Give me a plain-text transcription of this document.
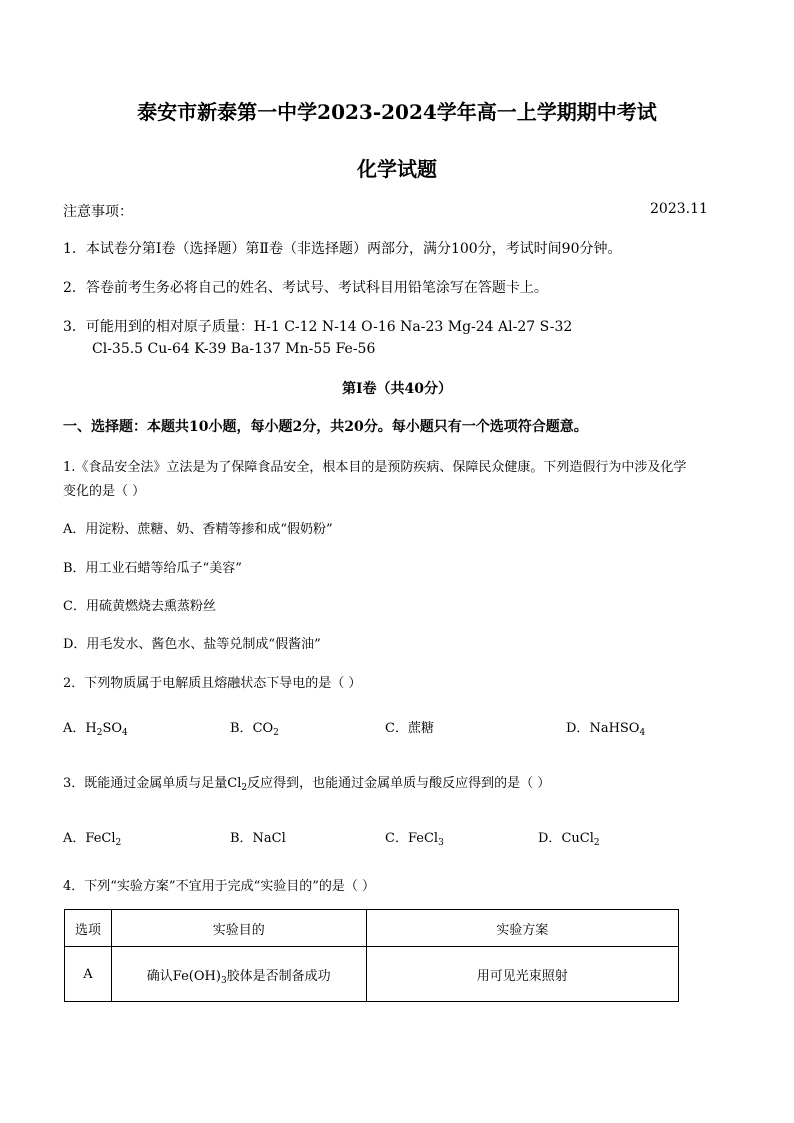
泰安市新泰第一中学2023-2024学年高一上学期期中考试
化学试题
注意事项：	2023.11
1．本试卷分第Ⅰ卷（选择题）第Ⅱ卷（非选择题）两部分，满分100分，考试时间90分钟。
2．答卷前考生务必将自己的姓名、考试号、考试科目用铅笔涂写在答题卡上。
3．可能用到的相对原子质量：H-1 C-12 N-14 O-16 Na-23 Mg-24 Al-27 S-32
Cl-35.5 Cu-64 K-39 Ba-137 Mn-55 Fe-56
第Ⅰ卷（共40分）
一、选择题：本题共10小题，每小题2分，共20分。每小题只有一个选项符合题意。
1.《食品安全法》立法是为了保障食品安全，根本目的是预防疾病、保障民众健康。下列造假行为中涉及化学
变化的是（ ）
A．用淀粉、蔗糖、奶、香精等掺和成“假奶粉”
B．用工业石蜡等给瓜子“美容”
C．用硫黄燃烧去熏蒸粉丝
D．用毛发水、酱色水、盐等兑制成“假酱油”
2．下列物质属于电解质且熔融状态下导电的是（ ）
A．$H_2SO_4$	B．$CO_2$	C．蔗糖	D．NaHSO$_4$
3．既能通过金属单质与足量$Cl_2$反应得到，也能通过金属单质与酸反应得到的是（ ）
A．FeCl$_2$	B．NaCl	C．FeCl$_3$	D．CuCl$_2$
4．下列“实验方案”不宜用于完成“实验目的”的是（ ）
选项	实验目的	实验方案
A	确认$Fe(OH)_3$胶体是否制备成功	用可见光束照射
